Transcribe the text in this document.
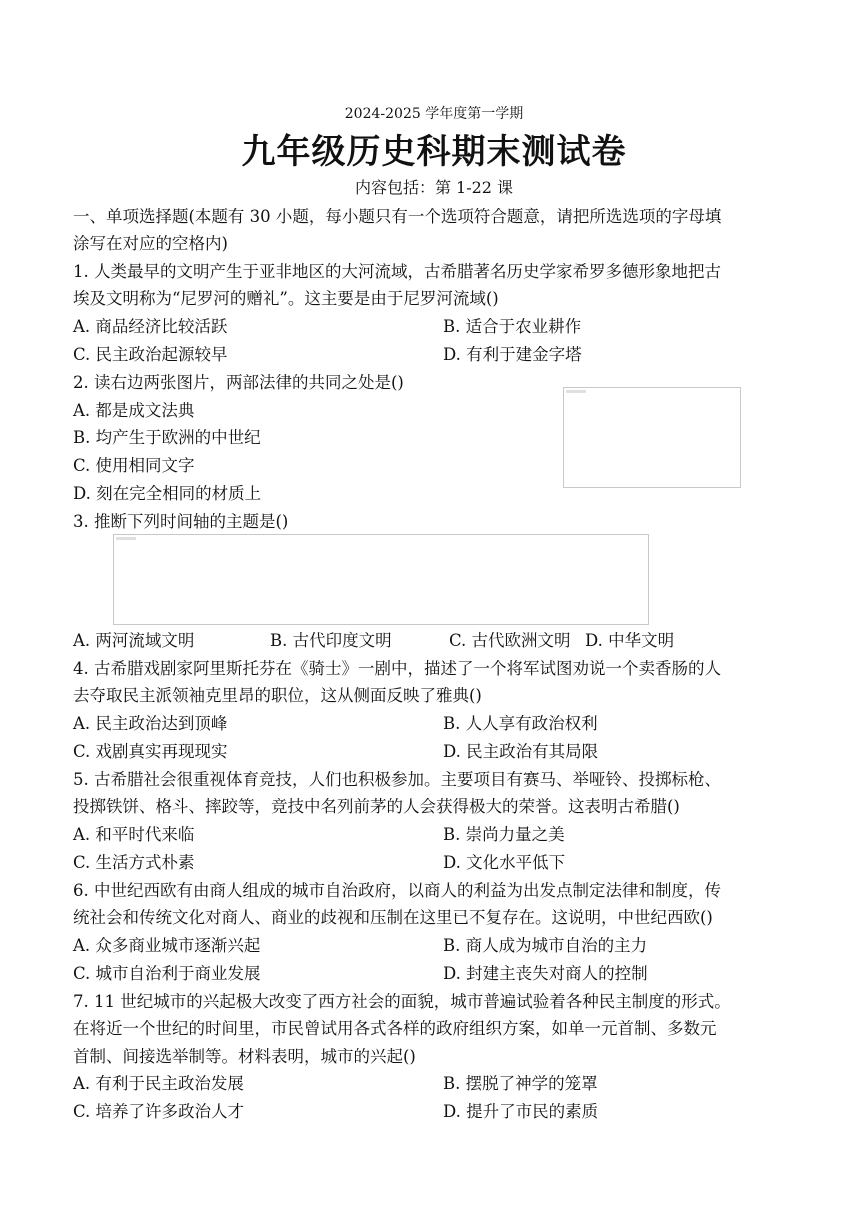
2024-2025 学年度第一学期
九年级历史科期末测试卷
内容包括：第 1-22 课
一、单项选择题(本题有 30 小题，每小题只有一个选项符合题意，请把所选选项的字母填
涂写在对应的空格内)
1. 人类最早的文明产生于亚非地区的大河流域，古希腊著名历史学家希罗多德形象地把古
埃及文明称为“尼罗河的赠礼”。这主要是由于尼罗河流域()
A. 商品经济比较活跃	B. 适合于农业耕作
C. 民主政治起源较早	D. 有利于建金字塔
2. 读右边两张图片，两部法律的共同之处是()
A. 都是成文法典
B. 均产生于欧洲的中世纪
C. 使用相同文字
D. 刻在完全相同的材质上
3. 推断下列时间轴的主题是()
A. 两河流域文明	B. 古代印度文明	C. 古代欧洲文明 D. 中华文明
4. 古希腊戏剧家阿里斯托芬在《骑士》一剧中，描述了一个将军试图劝说一个卖香肠的人
去夺取民主派领袖克里昂的职位，这从侧面反映了雅典()
A. 民主政治达到顶峰	B. 人人享有政治权利
C. 戏剧真实再现现实	D. 民主政治有其局限
5. 古希腊社会很重视体育竞技，人们也积极参加。主要项目有赛马、举哑铃、投掷标枪、
投掷铁饼、格斗、摔跤等，竞技中名列前茅的人会获得极大的荣誉。这表明古希腊()
A. 和平时代来临	B. 崇尚力量之美
C. 生活方式朴素	D. 文化水平低下
6. 中世纪西欧有由商人组成的城市自治政府，以商人的利益为出发点制定法律和制度，传
统社会和传统文化对商人、商业的歧视和压制在这里已不复存在。这说明，中世纪西欧()
A. 众多商业城市逐渐兴起	B. 商人成为城市自治的主力
C. 城市自治利于商业发展	D. 封建主丧失对商人的控制
7. 11 世纪城市的兴起极大改变了西方社会的面貌，城市普遍试验着各种民主制度的形式。
在将近一个世纪的时间里，市民曾试用各式各样的政府组织方案，如单一元首制、多数元
首制、间接选举制等。材料表明，城市的兴起()
A. 有利于民主政治发展	B. 摆脱了神学的笼罩
C. 培养了许多政治人才	D. 提升了市民的素质
